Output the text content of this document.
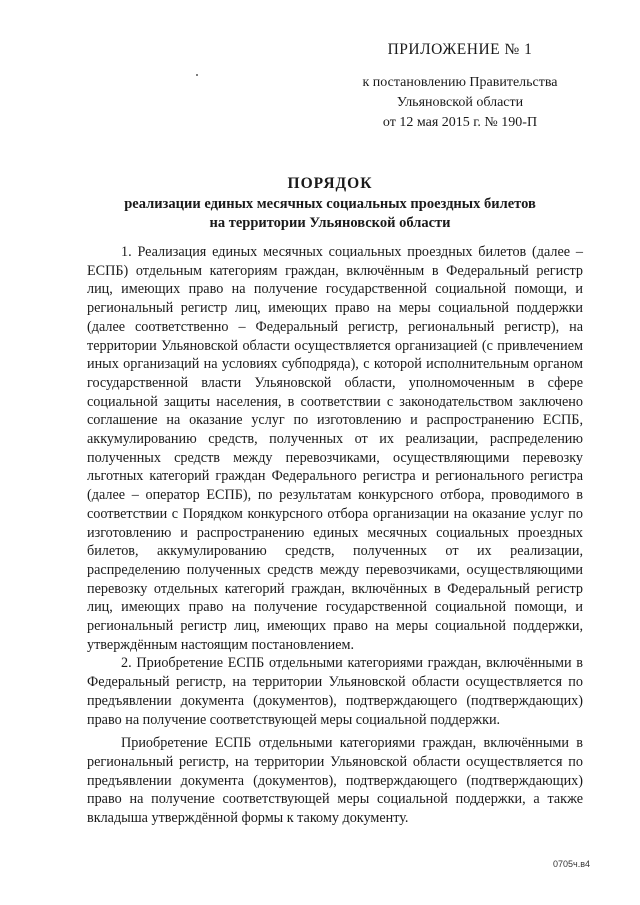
ПРИЛОЖЕНИЕ № 1
к постановлению Правительства
Ульяновской области
от 12 мая 2015 г. № 190-П
ПОРЯДОК
реализации единых месячных социальных проездных билетов
на территории Ульяновской области

1. Реализация единых месячных социальных проездных билетов (далее – ЕСПБ) отдельным категориям граждан, включённым в Федеральный регистр лиц, имеющих право на получение государственной социальной помощи, и региональный регистр лиц, имеющих право на меры социальной поддержки (далее соответственно – Федеральный регистр, региональный регистр), на территории Ульяновской области осуществляется организацией (с привлечением иных организаций на условиях субподряда), с которой исполнительным органом государственной власти Ульяновской области, уполномоченным в сфере социальной защиты населения, в соответствии с законодательством заключено соглашение на оказание услуг по изготовлению и распространению ЕСПБ, аккумулированию средств, полученных от их реализации, распределению полученных средств между перевозчиками, осуществляющими перевозку льготных категорий граждан Федерального регистра и регионального регистра (далее – оператор ЕСПБ), по результатам конкурсного отбора, проводимого в соответствии с Порядком конкурсного отбора организации на оказание услуг по изготовлению и распространению единых месячных социальных проездных билетов, аккумулированию средств, полученных от их реализации, распределению полученных средств между перевозчиками, осуществляющими перевозку отдельных категорий граждан, включённых в Федеральный регистр лиц, имеющих право на получение государственной социальной помощи, и региональный регистр лиц, имеющих право на меры социальной поддержки, утверждённым настоящим постановлением.

2. Приобретение ЕСПБ отдельными категориями граждан, включёнными в Федеральный регистр, на территории Ульяновской области осуществляется по предъявлении документа (документов), подтверждающего (подтверждающих) право на получение соответствующей меры социальной поддержки.

Приобретение ЕСПБ отдельными категориями граждан, включёнными в региональный регистр, на территории Ульяновской области осуществляется по предъявлении документа (документов), подтверждающего (подтверждающих) право на получение соответствующей меры социальной поддержки, а также вкладыша утверждённой формы к такому документу.

0705ч.в4
